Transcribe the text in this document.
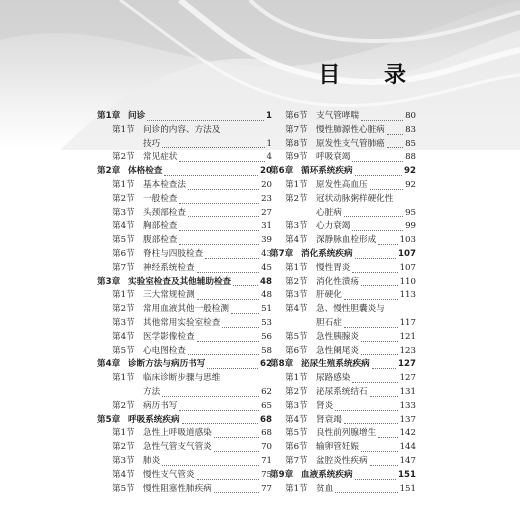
目 录
第1章 问诊	1
第1节 问诊的内容、方法及
技巧	1
第2节 常见症状	4
第2章 体格检查	20
第1节 基本检查法	20
第2节 一般检查	23
第3节 头颈部检查	27
第4节 胸部检查	31
第5节 腹部检查	39
第6节 脊柱与四肢检查	43
第7节 神经系统检查	45
第3章 实验室检查及其他辅助检查	48
第1节 三大常规检测	48
第2节 常用血液其他一般检测	51
第3节 其他常用实验室检查	53
第4节 医学影像检查	56
第5节 心电图检查	58
第4章 诊断方法与病历书写	62
第1节 临床诊断步骤与思维
方法	62
第2节 病历书写	65
第5章 呼吸系统疾病	68
第1节 急性上呼吸道感染	68
第2节 急性气管支气管炎	70
第3节 肺炎	71
第4节 慢性支气管炎	75
第5节 慢性阻塞性肺疾病	77
第6节 支气管哮喘	80
第7节 慢性肺源性心脏病 83
第8节 原发性支气管肺癌 85
第9节 呼吸衰竭	88
第6章 循环系统疾病	92
第1节 原发性高血压	92
第2节 冠状动脉粥样硬化性
心脏病	95
第3节 心力衰竭	99
第4节 深静脉血栓形成	103
第7章 消化系统疾病	107
第1节 慢性胃炎	107
第2节 消化性溃疡	110
第3节 肝硬化	113
第4节 急、慢性胆囊炎与
胆石症	117
第5节 急性胰腺炎	121
第6节 急性阑尾炎	123
第8章 泌尿生殖系统疾病	127
第1节 尿路感染	127
第2节 泌尿系统结石	131
第3节 肾炎	133
第4节 肾衰竭	137
第5节 良性前列腺增生	142
第6节 输卵管妊娠	144
第7节 盆腔炎性疾病	147
第9章 血液系统疾病	151
第1节 贫血	151
